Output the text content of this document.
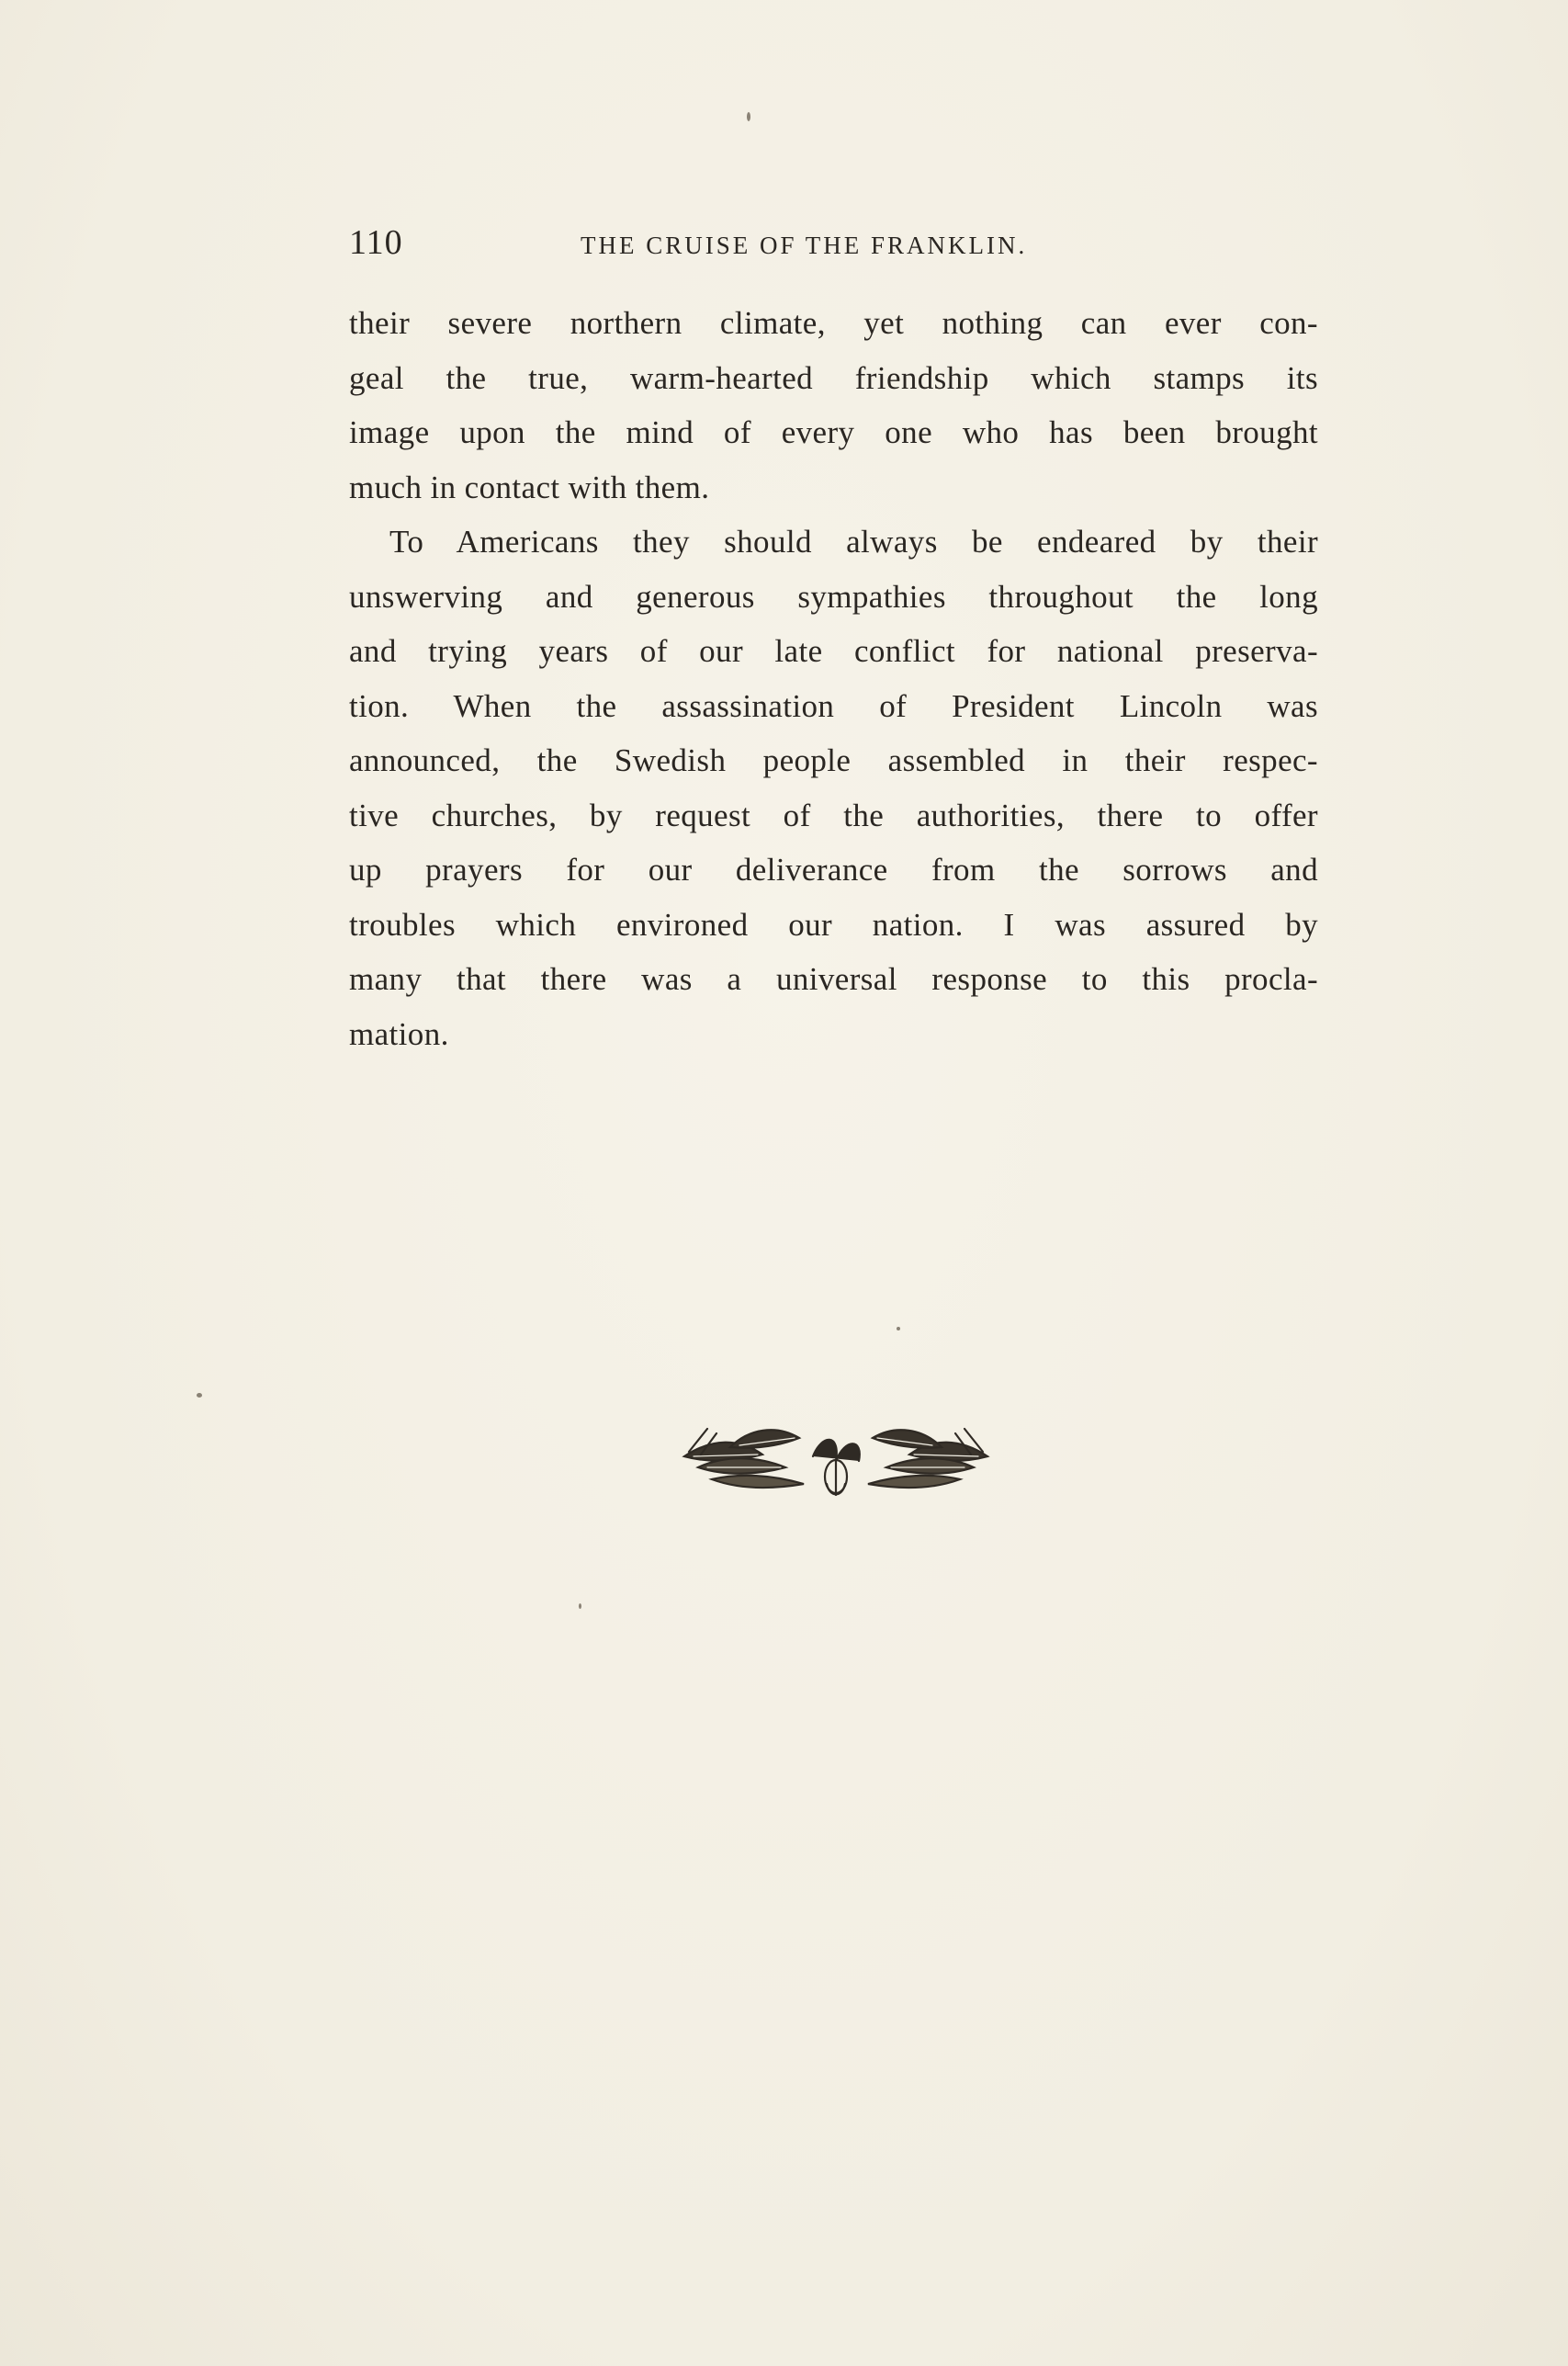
110	THE CRUISE OF THE FRANKLIN.

their severe northern climate, yet nothing can ever con-
geal the true, warm-hearted friendship which stamps its
image upon the mind of every one who has been brought
much in contact with them.

To Americans they should always be endeared by their
unswerving and generous sympathies throughout the long
and trying years of our late conflict for national preserva-
tion. When the assassination of President Lincoln was
announced, the Swedish people assembled in their respec-
tive churches, by request of the authorities, there to offer
up prayers for our deliverance from the sorrows and
troubles which environed our nation. I was assured by
many that there was a universal response to this procla-
mation.
